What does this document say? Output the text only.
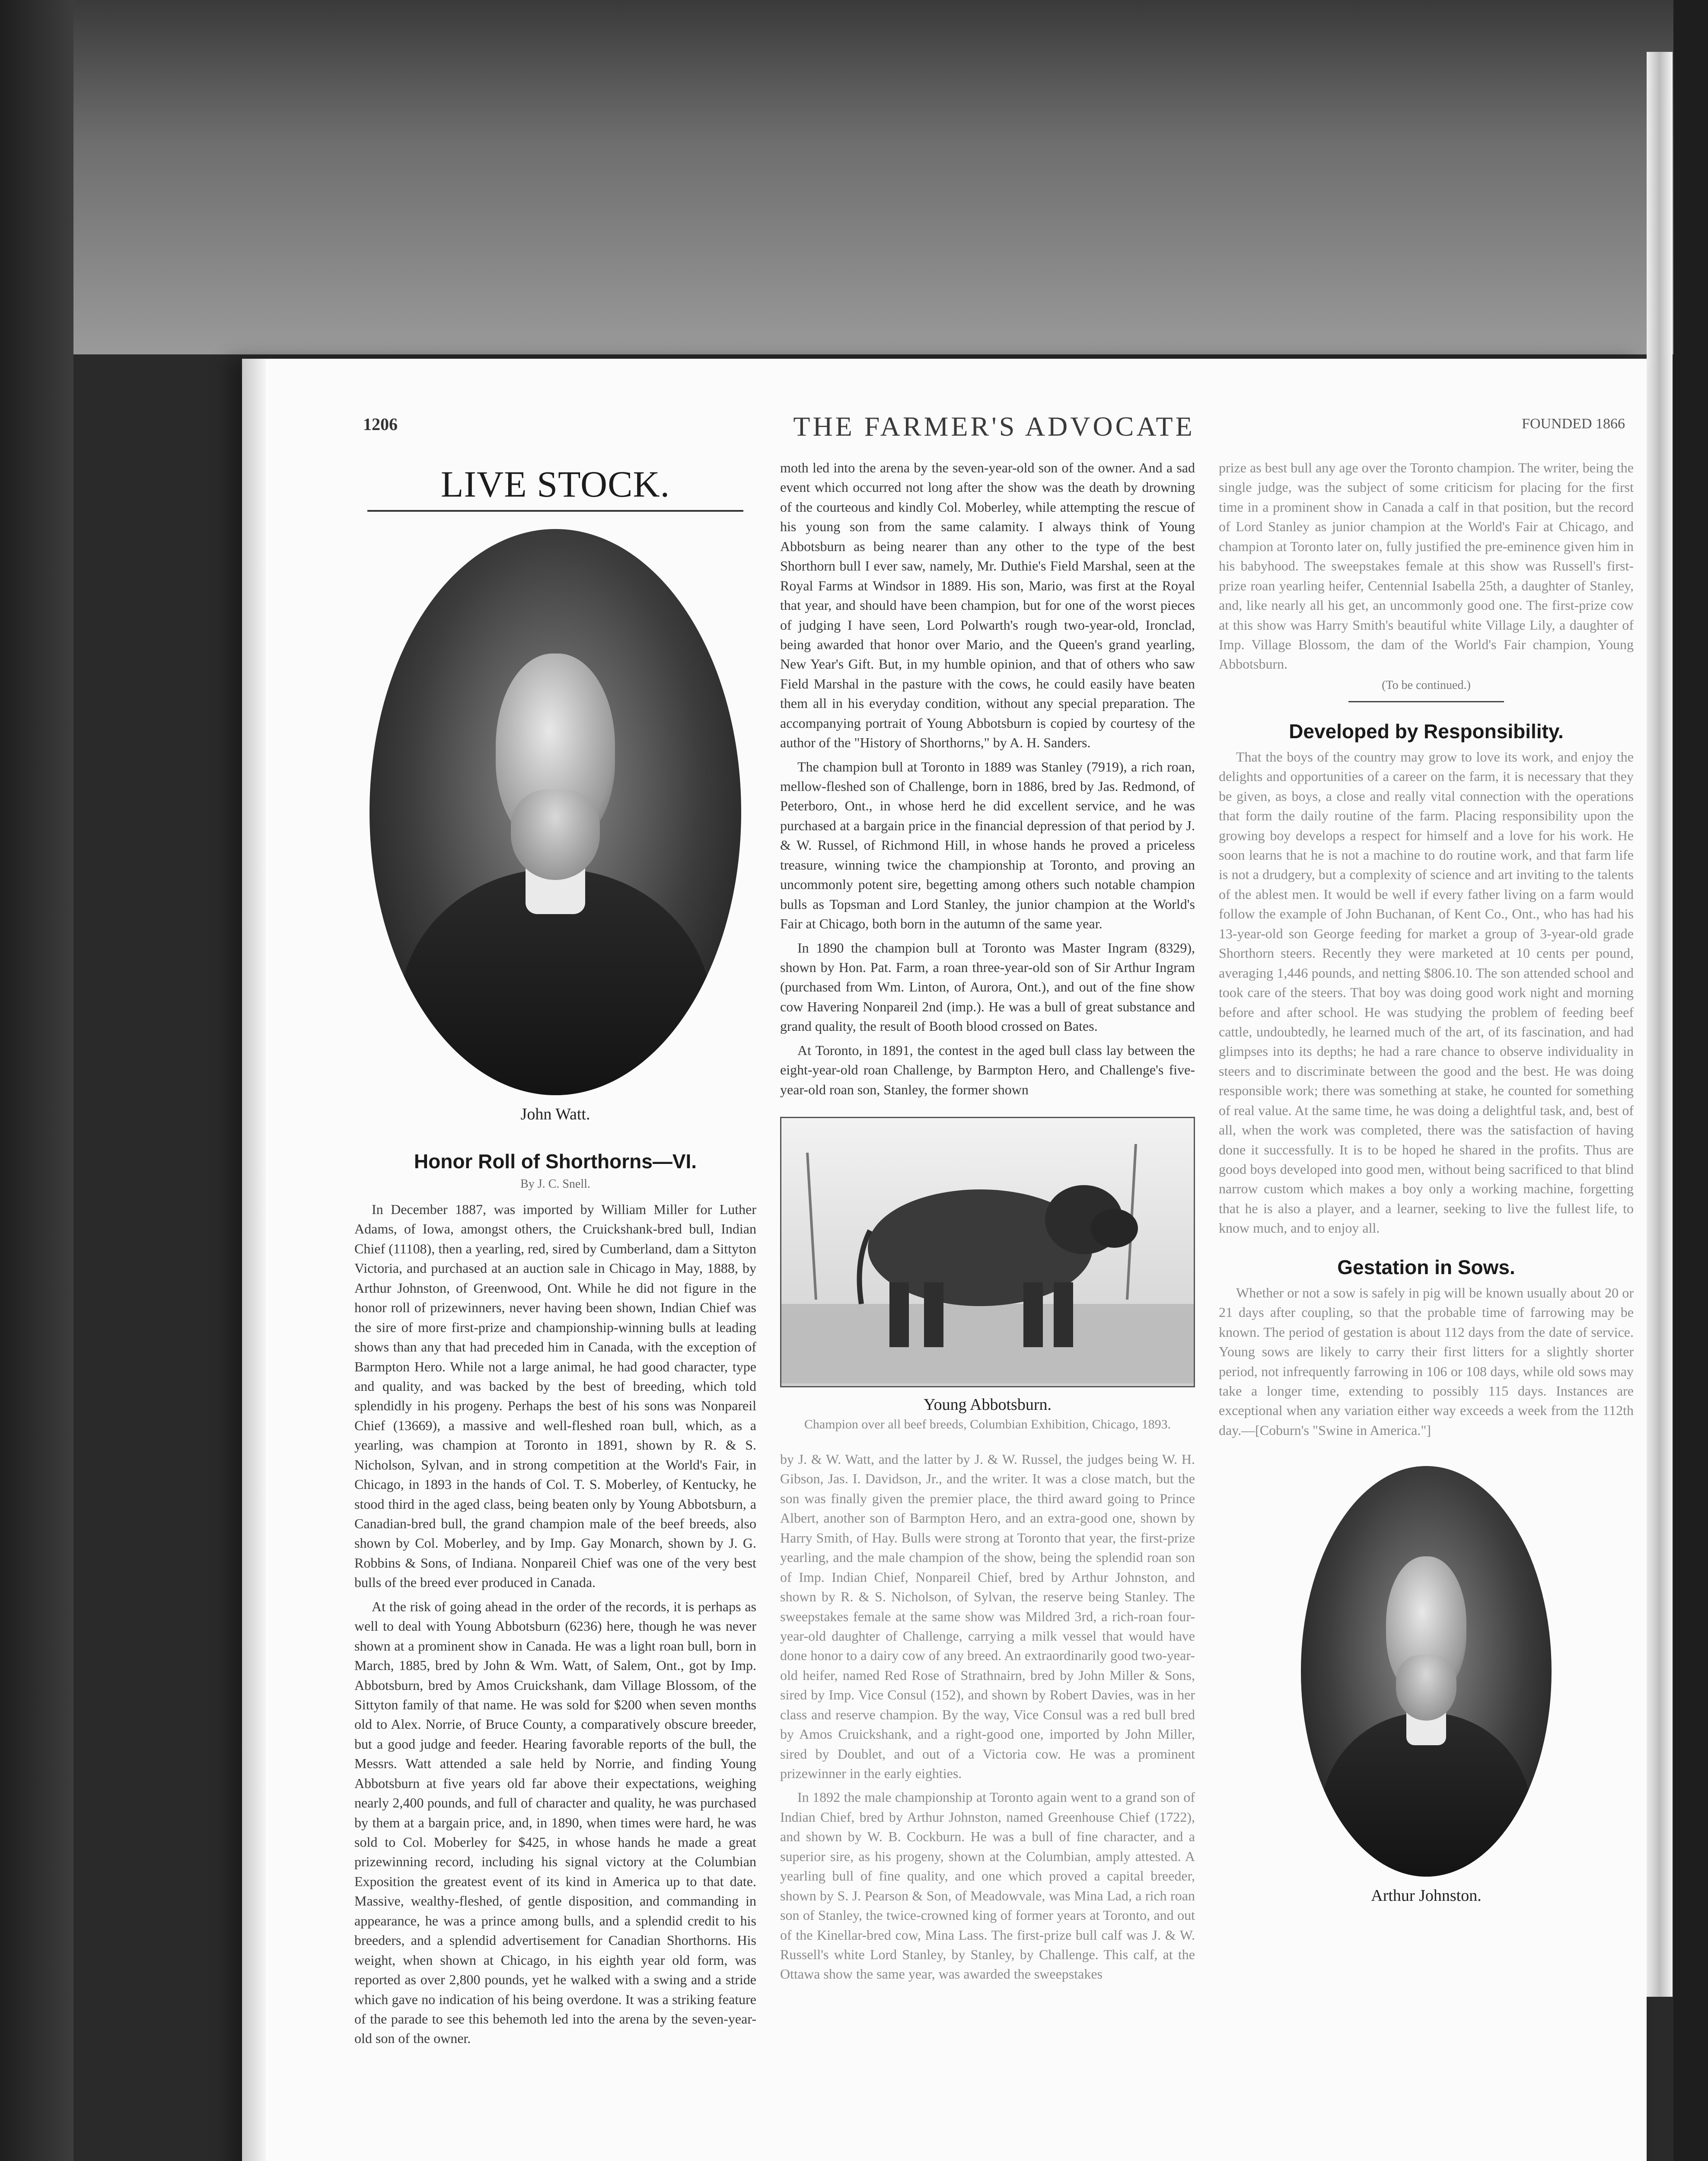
1206	THE FARMER'S ADVOCATE	FOUNDED 1866
LIVE STOCK.
John Watt.
Honor Roll of Shorthorns—VI.
By J. C. Snell.

In December 1887, was imported by William Miller for Luther Adams, of Iowa, amongst others, the Cruickshank-bred bull, Indian Chief (11108), then a yearling, red, sired by Cumberland, dam a Sittyton Victoria, and purchased at an auction sale in Chicago in May, 1888, by Arthur Johnston, of Greenwood, Ont. While he did not figure in the honor roll of prizewinners, never having been shown, Indian Chief was the sire of more first-prize and championship-winning bulls at leading shows than any that had preceded him in Canada, with the exception of Barmpton Hero. While not a large animal, he had good character, type and quality, and was backed by the best of breeding, which told splendidly in his progeny. Perhaps the best of his sons was Nonpareil Chief (13669), a massive and well-fleshed roan bull, which, as a yearling, was champion at Toronto in 1891, shown by R. & S. Nicholson, Sylvan, and in strong competition at the World's Fair, in Chicago, in 1893 in the hands of Col. T. S. Moberley, of Kentucky, he stood third in the aged class, being beaten only by Young Abbotsburn, a Canadian-bred bull, the grand champion male of the beef breeds, also shown by Col. Moberley, and by Imp. Gay Monarch, shown by J. G. Robbins & Sons, of Indiana. Nonpareil Chief was one of the very best bulls of the breed ever produced in Canada.

At the risk of going ahead in the order of the records, it is perhaps as well to deal with Young Abbotsburn (6236) here, though he was never shown at a prominent show in Canada. He was a light roan bull, born in March, 1885, bred by John & Wm. Watt, of Salem, Ont., got by Imp. Abbotsburn, bred by Amos Cruickshank, dam Village Blossom, of the Sittyton family of that name. He was sold for $200 when seven months old to Alex. Norrie, of Bruce County, a comparatively obscure breeder, but a good judge and feeder. Hearing favorable reports of the bull, the Messrs. Watt attended a sale held by Norrie, and finding Young Abbotsburn at five years old far above their expectations, weighing nearly 2,400 pounds, and full of character and quality, he was purchased by them at a bargain price, and, in 1890, when times were hard, he was sold to Col. Moberley for $425, in whose hands he made a great prizewinning record, including his signal victory at the Columbian Exposition the greatest event of its kind in America up to that date. Massive, wealthy-fleshed, of gentle disposition, and commanding in appearance, he was a prince among bulls, and a splendid credit to his breeders, and a splendid advertisement for Canadian Shorthorns. His weight, when shown at Chicago, in his eighth year old form, was reported as over 2,800 pounds, yet he walked with a swing and a stride which gave no indication of his being overdone. It was a striking feature of the parade to see this behemoth led into the arena by the seven-year-old son of the owner.

moth led into the arena by the seven-year-old son of the owner. And a sad event which occurred not long after the show was the death by drowning of the courteous and kindly Col. Moberley, while attempting the rescue of his young son from the same calamity. I always think of Young Abbotsburn as being nearer than any other to the type of the best Shorthorn bull I ever saw, namely, Mr. Duthie's Field Marshal, seen at the Royal Farms at Windsor in 1889. His son, Mario, was first at the Royal that year, and should have been champion, but for one of the worst pieces of judging I have seen, Lord Polwarth's rough two-year-old, Ironclad, being awarded that honor over Mario, and the Queen's grand yearling, New Year's Gift. But, in my humble opinion, and that of others who saw Field Marshal in the pasture with the cows, he could easily have beaten them all in his everyday condition, without any special preparation. The accompanying portrait of Young Abbotsburn is copied by courtesy of the author of the "History of Shorthorns," by A. H. Sanders.

The champion bull at Toronto in 1889 was Stanley (7919), a rich roan, mellow-fleshed son of Challenge, born in 1886, bred by Jas. Redmond, of Peterboro, Ont., in whose herd he did excellent service, and he was purchased at a bargain price in the financial depression of that period by J. & W. Russel, of Richmond Hill, in whose hands he proved a priceless treasure, winning twice the championship at Toronto, and proving an uncommonly potent sire, begetting among others such notable champion bulls as Topsman and Lord Stanley, the junior champion at the World's Fair at Chicago, both born in the autumn of the same year.

In 1890 the champion bull at Toronto was Master Ingram (8329), shown by Hon. Pat. Farm, a roan three-year-old son of Sir Arthur Ingram (purchased from Wm. Linton, of Aurora, Ont.), and out of the fine show cow Havering Nonpareil 2nd (imp.). He was a bull of great substance and grand quality, the result of Booth blood crossed on Bates.

At Toronto, in 1891, the contest in the aged bull class lay between the eight-year-old roan Challenge, by Barmpton Hero, and Challenge's five-year-old roan son, Stanley, the former shown

Young Abbotsburn.
Champion over all beef breeds, Columbian Exhibition, Chicago, 1893.

by J. & W. Watt, and the latter by J. & W. Russel, the judges being W. H. Gibson, Jas. I. Davidson, Jr., and the writer. It was a close match, but the son was finally given the premier place, the third award going to Prince Albert, another son of Barmpton Hero, and an extra-good one, shown by Harry Smith, of Hay. Bulls were strong at Toronto that year, the first-prize yearling, and the male champion of the show, being the splendid roan son of Imp. Indian Chief, Nonpareil Chief, bred by Arthur Johnston, and shown by R. & S. Nicholson, of Sylvan, the reserve being Stanley. The sweepstakes female at the same show was Mildred 3rd, a rich-roan four-year-old daughter of Challenge, carrying a milk vessel that would have done honor to a dairy cow of any breed. An extraordinarily good two-year-old heifer, named Red Rose of Strathnairn, bred by John Miller & Sons, sired by Imp. Vice Consul (152), and shown by Robert Davies, was in her class and reserve champion. By the way, Vice Consul was a red bull bred by Amos Cruickshank, and a right-good one, imported by John Miller, sired by Doublet, and out of a Victoria cow. He was a prominent prizewinner in the early eighties.

In 1892 the male championship at Toronto again went to a grand son of Indian Chief, bred by Arthur Johnston, named Greenhouse Chief (1722), and shown by W. B. Cockburn. He was a bull of fine character, and a superior sire, as his progeny, shown at the Columbian, amply attested. A yearling bull of fine quality, and one which proved a capital breeder, shown by S. J. Pearson & Son, of Meadowvale, was Mina Lad, a rich roan son of Stanley, the twice-crowned king of former years at Toronto, and out of the Kinellar-bred cow, Mina Lass. The first-prize bull calf was J. & W. Russell's white Lord Stanley, by Stanley, by Challenge. This calf, at the Ottawa show the same year, was awarded the sweepstakes

prize as best bull any age over the Toronto champion. The writer, being the single judge, was the subject of some criticism for placing for the first time in a prominent show in Canada a calf in that position, but the record of Lord Stanley as junior champion at the World's Fair at Chicago, and champion at Toronto later on, fully justified the pre-eminence given him in his babyhood. The sweepstakes female at this show was Russell's first-prize roan yearling heifer, Centennial Isabella 25th, a daughter of Stanley, and, like nearly all his get, an uncommonly good one. The first-prize cow at this show was Harry Smith's beautiful white Village Lily, a daughter of Imp. Village Blossom, the dam of the World's Fair champion, Young Abbotsburn.

(To be continued.)
Developed by Responsibility.

That the boys of the country may grow to love its work, and enjoy the delights and opportunities of a career on the farm, it is necessary that they be given, as boys, a close and really vital connection with the operations that form the daily routine of the farm. Placing responsibility upon the growing boy develops a respect for himself and a love for his work. He soon learns that he is not a machine to do routine work, and that farm life is not a drudgery, but a complexity of science and art inviting to the talents of the ablest men. It would be well if every father living on a farm would follow the example of John Buchanan, of Kent Co., Ont., who has had his 13-year-old son George feeding for market a group of 3-year-old grade Shorthorn steers. Recently they were marketed at 10 cents per pound, averaging 1,446 pounds, and netting $806.10. The son attended school and took care of the steers. That boy was doing good work night and morning before and after school. He was studying the problem of feeding beef cattle, undoubtedly, he learned much of the art, of its fascination, and had glimpses into its depths; he had a rare chance to observe individuality in steers and to discriminate between the good and the best. He was doing responsible work; there was something at stake, he counted for something of real value. At the same time, he was doing a delightful task, and, best of all, when the work was completed, there was the satisfaction of having done it successfully. It is to be hoped he shared in the profits. Thus are good boys developed into good men, without being sacrificed to that blind narrow custom which makes a boy only a working machine, forgetting that he is also a player, and a learner, seeking to live the fullest life, to know much, and to enjoy all.

Gestation in Sows.

Whether or not a sow is safely in pig will be known usually about 20 or 21 days after coupling, so that the probable time of farrowing may be known. The period of gestation is about 112 days from the date of service. Young sows are likely to carry their first litters for a slightly shorter period, not infrequently farrowing in 106 or 108 days, while old sows may take a longer time, extending to possibly 115 days. Instances are exceptional when any variation either way exceeds a week from the 112th day.—[Coburn's "Swine in America."]

Arthur Johnston.
